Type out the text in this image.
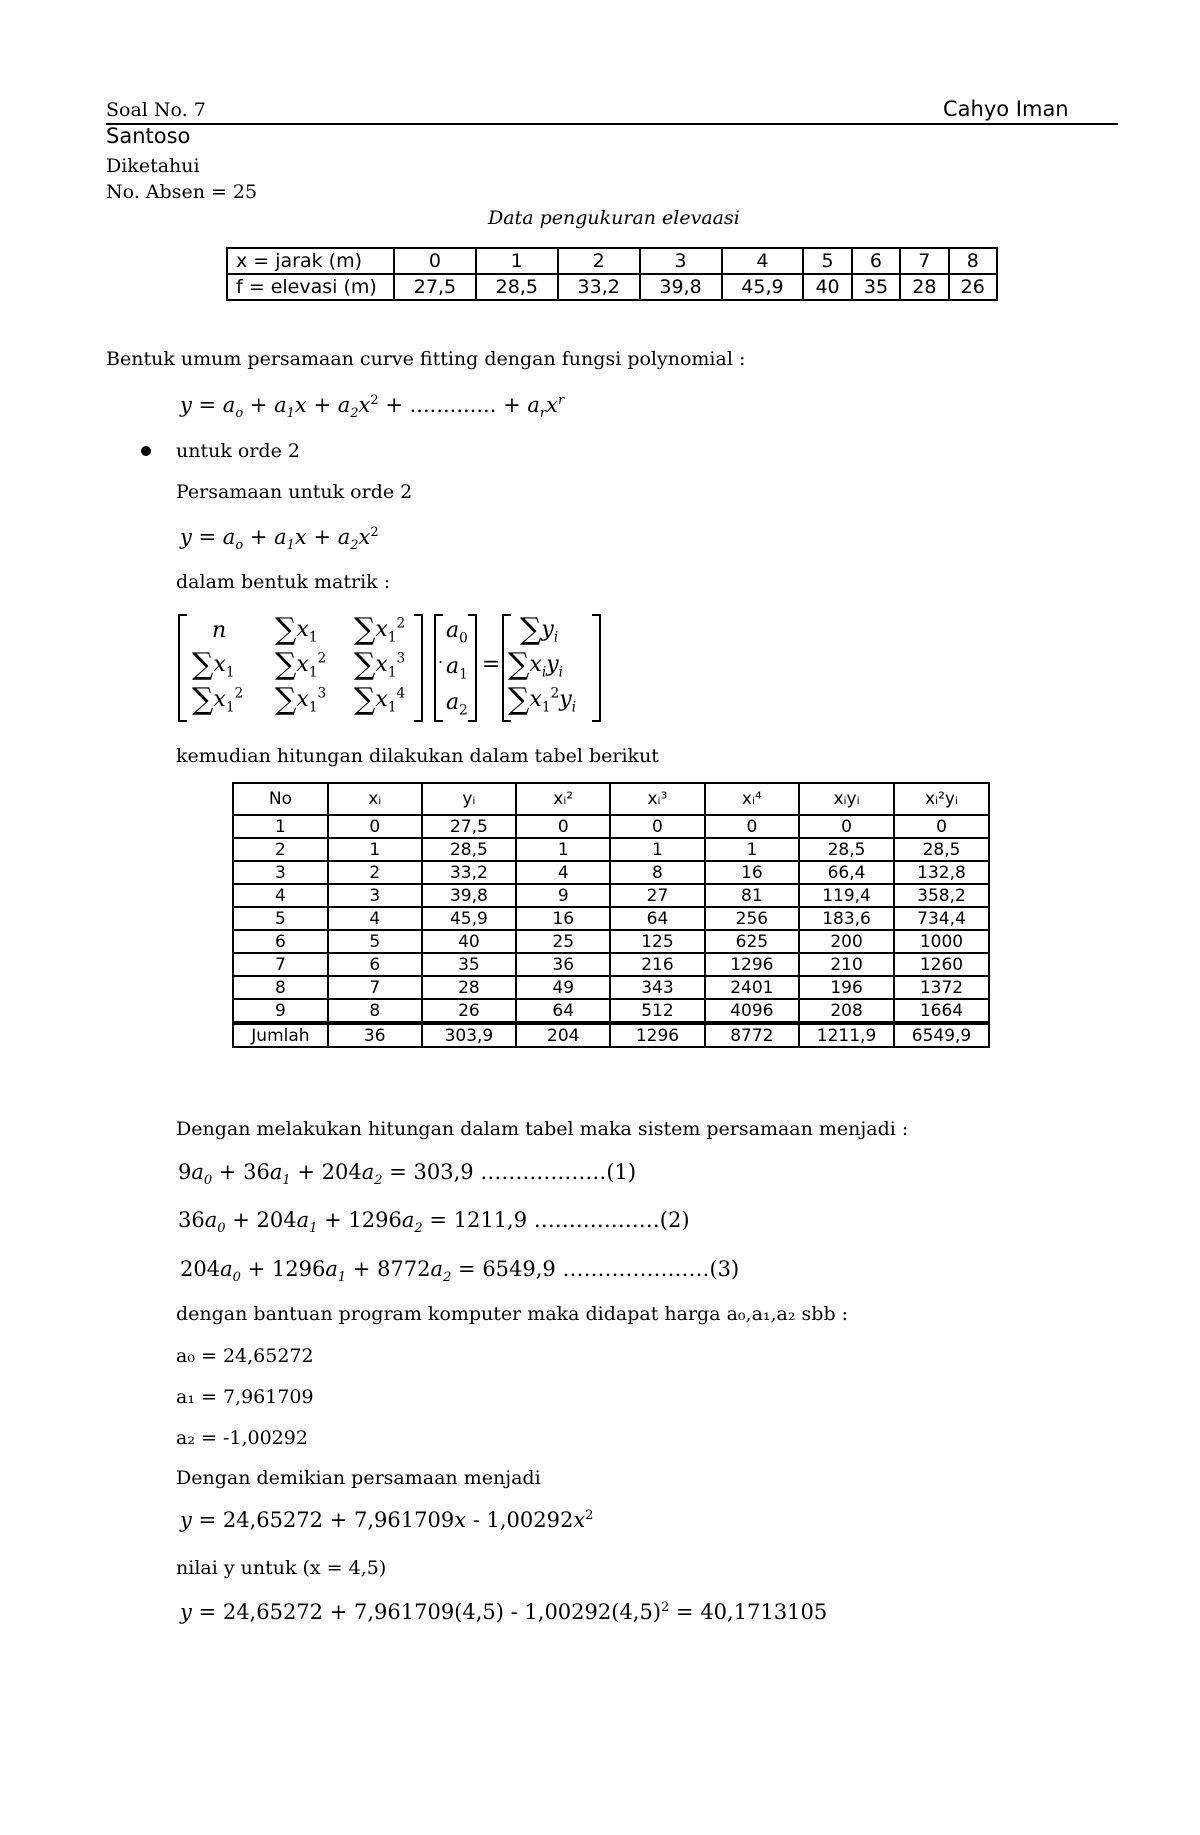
Soal No. 7	Cahyo Iman
Santoso
Diketahui
No. Absen = 25
Data pengukuran elevaasi
x = jarak (m)	0	1	2	3	4	5	6	7	8
f = elevasi (m)	27,5	28,5	33,2	39,8	45,9	40	35	28	26
Bentuk umum persamaan curve fitting dengan fungsi polynomial :
$y = a_o + a_1x + a_2x^2$ + ............. + $a_rx^r$
untuk orde 2
Persamaan untuk orde 2
$y = a_o + a_1x + a_2x^2$
dalam bentuk matrik :
n $\sum x_1$ $\sum x_1^2$
$\sum x_1$ $\sum x_1^2$ $\sum x_1^3$
$\sum x_1^2$ $\sum x_1^3$ $\sum x_1^4$
.
$a_0$
$a_1$
$a_2$
=
$\sum y_i$
$\sum x_iy_i$
$\sum x_1^2y_i$
kemudian hitungan dilakukan dalam tabel berikut
No	xᵢ	yᵢ	xᵢ²	xᵢ³	xᵢ⁴	xᵢyᵢ	xᵢ²yᵢ
1	0	27,5	0	0	0	0	0
2	1	28,5	1	1	1	28,5	28,5
3	2	33,2	4	8	16	66,4	132,8
4	3	39,8	9	27	81	119,4	358,2
5	4	45,9	16	64	256	183,6	734,4
6	5	40	25	125	625	200	1000
7	6	35	36	216	1296	210	1260
8	7	28	49	343	2401	196	1372
9	8	26	64	512	4096	208	1664
Jumlah	36	303,9	204	1296	8772	1211,9	6549,9
Dengan melakukan hitungan dalam tabel maka sistem persamaan menjadi :
$9a_0 + 36a_1 + 204a_2 = 303,9$ ………………(1)
$36a_0 + 204a_1 + 1296a_2 = 1211,9$ ………………(2)
$204a_0 + 1296a_1 + 8772a_2 = 6549,9$ …………………(3)
dengan bantuan program komputer maka didapat harga a₀,a₁,a₂ sbb :
a₀ = 24,65272
a₁ = 7,961709
a₂ = -1,00292
Dengan demikian persamaan menjadi
$y = 24,65272 + 7,961709x - 1,00292x^2$
nilai y untuk (x = 4,5)
$y = 24,65272 + 7,961709(4,5) - 1,00292(4,5)^2 = 40,1713105$
